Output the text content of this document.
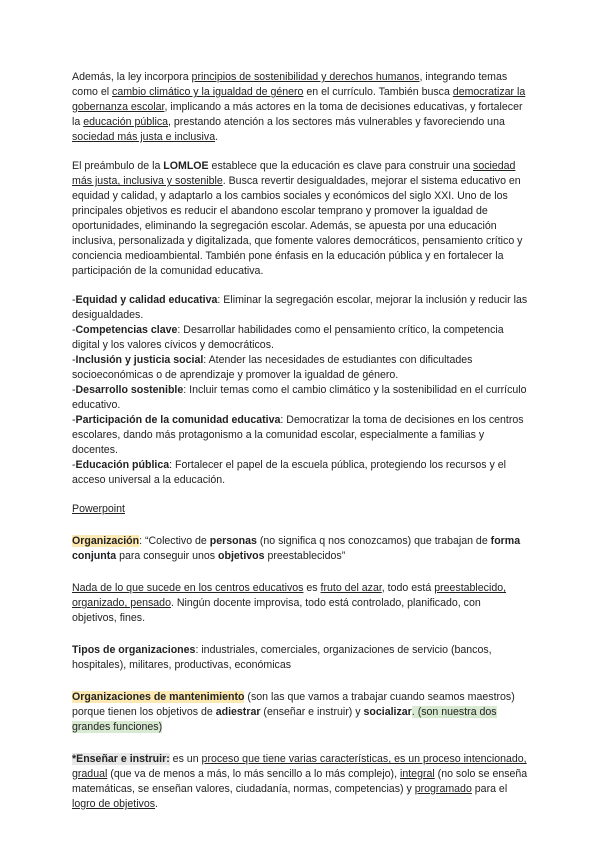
Además, la ley incorpora principios de sostenibilidad y derechos humanos, integrando temas como el cambio climático y la igualdad de género en el currículo. También busca democratizar la gobernanza escolar, implicando a más actores en la toma de decisiones educativas, y fortalecer la educación pública, prestando atención a los sectores más vulnerables y favoreciendo una sociedad más justa e inclusiva.

El preámbulo de la LOMLOE establece que la educación es clave para construir una sociedad más justa, inclusiva y sostenible. Busca revertir desigualdades, mejorar el sistema educativo en equidad y calidad, y adaptarlo a los cambios sociales y económicos del siglo XXI. Uno de los principales objetivos es reducir el abandono escolar temprano y promover la igualdad de oportunidades, eliminando la segregación escolar. Además, se apuesta por una educación inclusiva, personalizada y digitalizada, que fomente valores democráticos, pensamiento crítico y conciencia medioambiental. También pone énfasis en la educación pública y en fortalecer la participación de la comunidad educativa.

-Equidad y calidad educativa: Eliminar la segregación escolar, mejorar la inclusión y reducir las desigualdades.

-Competencias clave: Desarrollar habilidades como el pensamiento crítico, la competencia digital y los valores cívicos y democráticos.

-Inclusión y justicia social: Atender las necesidades de estudiantes con dificultades socioeconómicas o de aprendizaje y promover la igualdad de género.

-Desarrollo sostenible: Incluir temas como el cambio climático y la sostenibilidad en el currículo educativo.

-Participación de la comunidad educativa: Democratizar la toma de decisiones en los centros escolares, dando más protagonismo a la comunidad escolar, especialmente a familias y docentes.

-Educación pública: Fortalecer el papel de la escuela pública, protegiendo los recursos y el acceso universal a la educación.

Powerpoint

Organización: “Colectivo de personas (no significa q nos conozcamos) que trabajan de forma conjunta para conseguir unos objetivos preestablecidos”

Nada de lo que sucede en los centros educativos es fruto del azar, todo está preestablecido, organizado, pensado. Ningún docente improvisa, todo está controlado, planificado, con objetivos, fines.

Tipos de organizaciones: industriales, comerciales, organizaciones de servicio (bancos, hospitales), militares, productivas, económicas

Organizaciones de mantenimiento (son las que vamos a trabajar cuando seamos maestros) porque tienen los objetivos de adiestrar (enseñar e instruir) y socializar. (son nuestra dos grandes funciones)

*Enseñar e instruir: es un proceso que tiene varias características, es un proceso intencionado, gradual (que va de menos a más, lo más sencillo a lo más complejo), integral (no solo se enseña matemáticas, se enseñan valores, ciudadanía, normas, competencias) y programado para el logro de objetivos.
